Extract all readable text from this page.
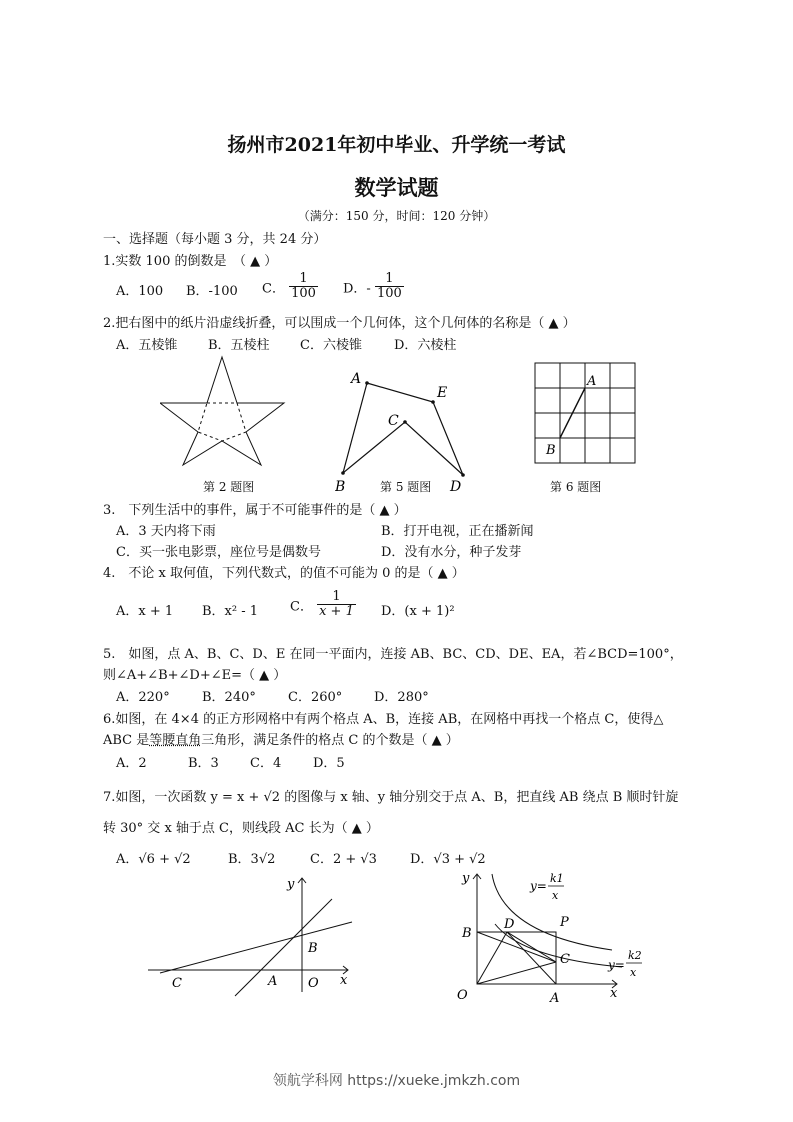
扬州市2021年初中毕业、升学统一考试
数学试题
（满分：150 分，时间：120 分钟）
一、选择题（每小题 3 分，共 24 分）
1.实数 100 的倒数是　（ ▲ ）
A．100 B．-100 C． $\frac{1}{100}$ D．- $\frac{1}{100}$
2.把右图中的纸片沿虚线折叠，可以围成一个几何体，这个几何体的名称是（ ▲ ）
A．五棱锥 B．五棱柱 C．六棱锥 D．六棱柱
第 2 题图
A
E
C
B	D
第 5 题图
A
B
第 6 题图
3.　下列生活中的事件，属于不可能事件的是（ ▲ ）
A．3 天内将下雨	B．打开电视，正在播新闻
C．买一张电影票，座位号是偶数号	D．没有水分，种子发芽
4.　不论 x 取何值，下列代数式，的值不可能为 0 的是（ ▲ ）
A．x + 1 B．x² - 1 C． $\frac{1}{x + 1}$ D．(x + 1)²
5.　如图，点 A、B、C、D、E 在同一平面内，连接 AB、BC、CD、DE、EA，若∠BCD=100°，
则∠A+∠B+∠D+∠E=（ ▲ ）
A．220° B．240° C．260° D．280°
6.如图，在 4×4 的正方形网格中有两个格点 A、B，连接 AB，在网格中再找一个格点 C，使得△
ABC 是等腰直角三角形，满足条件的格点 C 的个数是（ ▲ ）
A．2	B．3 C．4 D．5
7.如图，一次函数 y = x + √2 的图像与 x 轴、y 轴分别交于点 A、B，把直线 AB 绕点 B 顺时针旋
转 30° 交 x 轴于点 C，则线段 AC 长为（ ▲ ）
A．√6 + √2	B．3√2	C．2 + √3	D．√3 + √2
y
B
C	A O x
y
B
D	P
C
O	A	x
y=
k1
x
y=
k2
x
领航学科网 https://xueke.jmkzh.com
